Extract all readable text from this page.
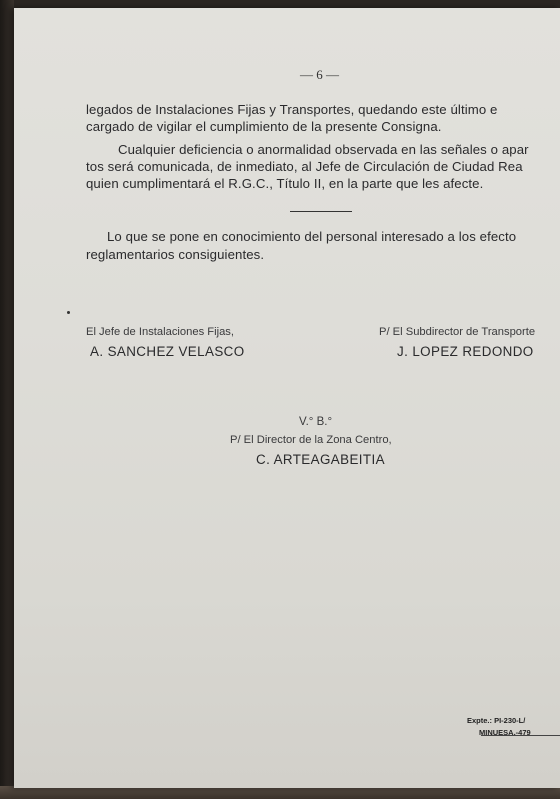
— 6 —
legados de Instalaciones Fijas y Transportes, quedando este último e
cargado de vigilar el cumplimiento de la presente Consigna.
Cualquier deficiencia o anormalidad observada en las señales o apar
tos será comunicada, de inmediato, al Jefe de Circulación de Ciudad Rea
quien cumplimentará el R.G.C., Título II, en la parte que les afecte.
Lo que se pone en conocimiento del personal interesado a los efecto
reglamentarios consiguientes.
El Jefe de Instalaciones Fijas,
A. SANCHEZ VELASCO
P/ El Subdirector de Transporte
J. LOPEZ REDONDO
V.° B.°
P/ El Director de la Zona Centro,
C. ARTEAGABEITIA
Expte.: PI-230-L/
MINUESA.-479
